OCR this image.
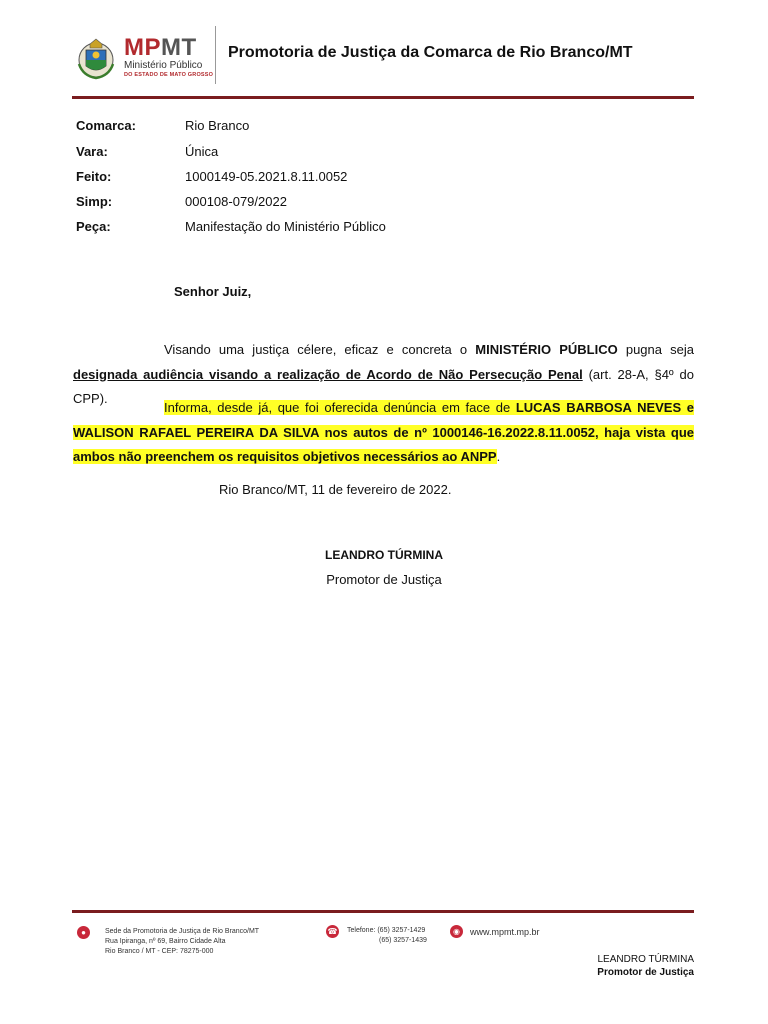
MPMT
Ministério Público
DO ESTADO DE MATO GROSSO
Promotoria de Justiça da Comarca de Rio Branco/MT
Comarca:	Rio Branco
Vara:	Única
Feito:	1000149-05.2021.8.11.0052
Simp:	000108-079/2022
Peça:	Manifestação do Ministério Público
Senhor Juiz,
Visando uma justiça célere, eficaz e concreta o MINISTÉRIO PÚBLICO pugna seja designada audiência visando a realização de Acordo de Não Persecução Penal (art. 28-A, §4º do CPP).
Informa, desde já, que foi oferecida denúncia em face de LUCAS BARBOSA NEVES e WALISON RAFAEL PEREIRA DA SILVA nos autos de nº 1000146-16.2022.8.11.0052, haja vista que ambos não preenchem os requisitos objetivos necessários ao ANPP.
Rio Branco/MT, 11 de fevereiro de 2022.
LEANDRO TÚRMINA
Promotor de Justiça
●	Sede da Promotoria de Justiça de Rio Branco/MT
Rua Ipiranga, nº 69, Bairro Cidade Alta
Rio Branco / MT - CEP: 78275-000
☎ Telefone: (65) 3257-1429
(65) 3257-1439
◉	www.mpmt.mp.br
LEANDRO TÚRMINA
Promotor de Justiça
